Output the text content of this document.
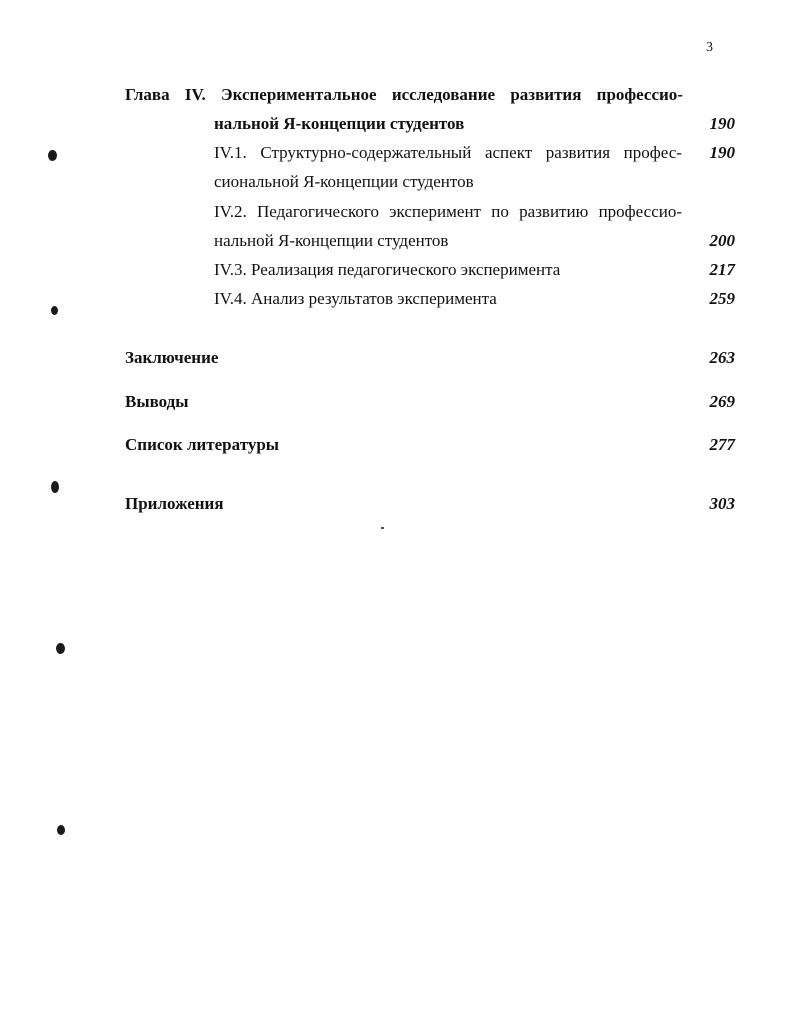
3
Глава IV. Экспериментальное исследование развития профессио-
нальной Я-концепции студентов	190
IV.1. Структурно-содержательный аспект развития профес- 190
сиональной Я-концепции студентов
IV.2. Педагогического эксперимент по развитию профессио-
нальной Я-концепции студентов	200
IV.3. Реализация педагогического эксперимента	217
IV.4. Анализ результатов эксперимента	259
Заключение	263
Выводы	269
Список литературы	277
Приложения	303
